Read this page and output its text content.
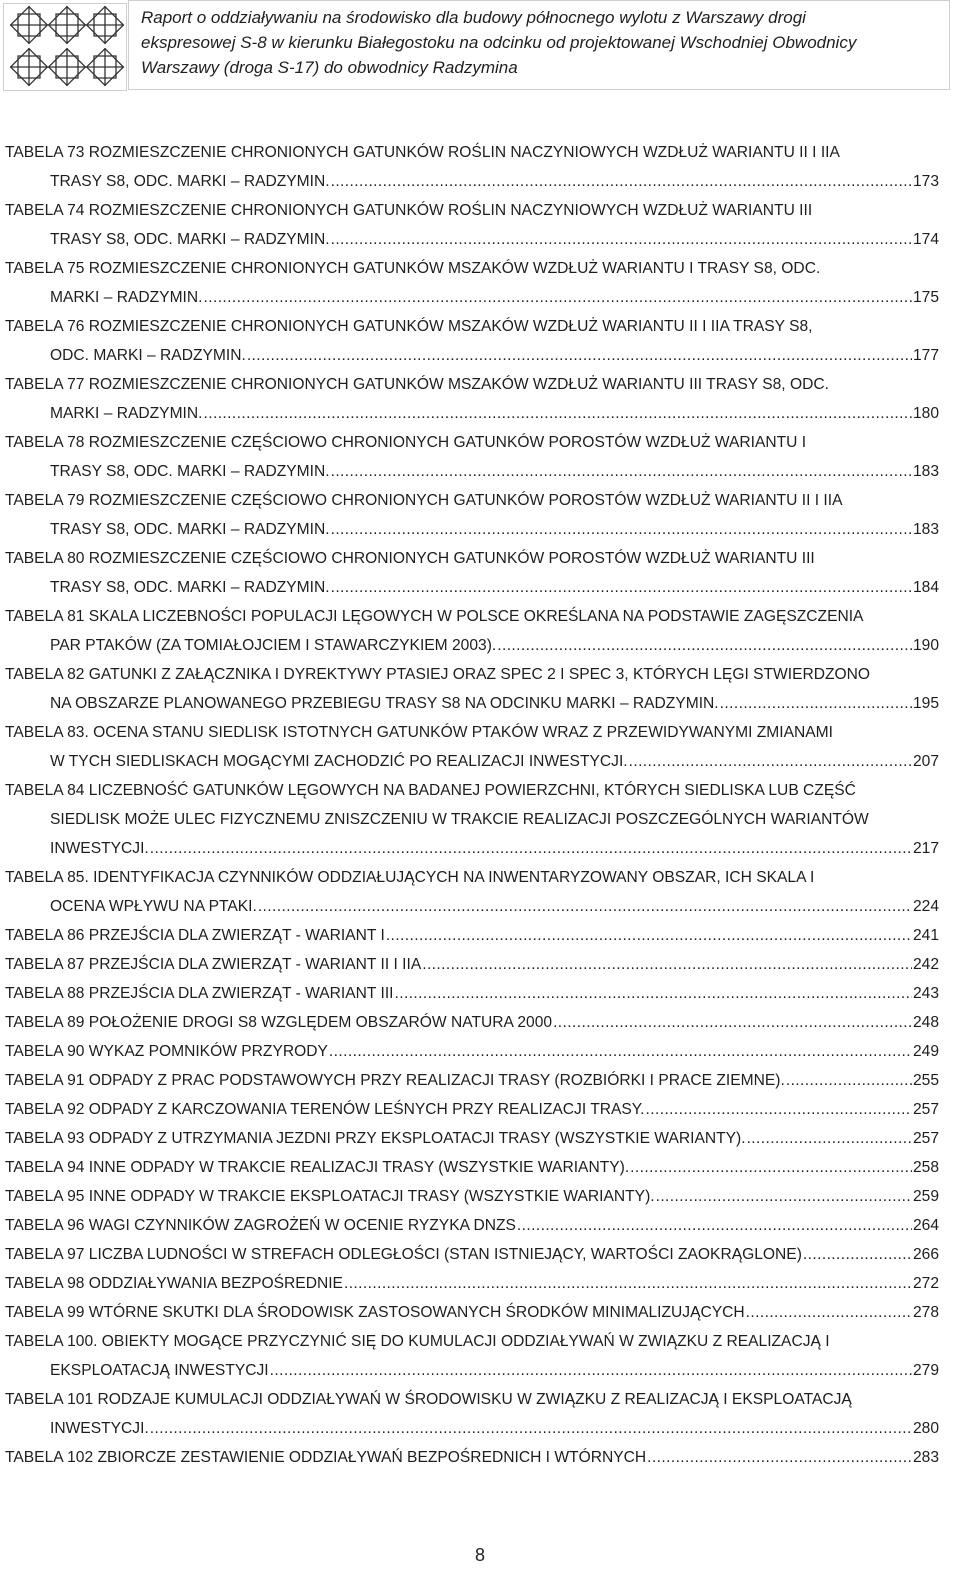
Raport o oddziaływaniu na środowisko dla budowy północnego wylotu z Warszawy drogi
ekspresowej S-8 w kierunku Białegostoku na odcinku od projektowanej Wschodniej Obwodnicy
Warszawy (droga S-17) do obwodnicy Radzymina
TABELA 73 ROZMIESZCZENIE CHRONIONYCH GATUNKÓW ROŚLIN NACZYNIOWYCH WZDŁUŻ WARIANTU II I IIA
TRASY S8, ODC. MARKI – RADZYMIN. .....	173
TABELA 74 ROZMIESZCZENIE CHRONIONYCH GATUNKÓW ROŚLIN NACZYNIOWYCH WZDŁUŻ WARIANTU III
TRASY S8, ODC. MARKI – RADZYMIN. .....	174
TABELA 75 ROZMIESZCZENIE CHRONIONYCH GATUNKÓW MSZAKÓW WZDŁUŻ WARIANTU I TRASY S8, ODC.
MARKI – RADZYMIN. .....	175
TABELA 76 ROZMIESZCZENIE CHRONIONYCH GATUNKÓW MSZAKÓW WZDŁUŻ WARIANTU II I IIA TRASY S8,
ODC. MARKI – RADZYMIN. .....	177
TABELA 77 ROZMIESZCZENIE CHRONIONYCH GATUNKÓW MSZAKÓW WZDŁUŻ WARIANTU III TRASY S8, ODC.
MARKI – RADZYMIN. .....	180
TABELA 78 ROZMIESZCZENIE CZĘŚCIOWO CHRONIONYCH GATUNKÓW POROSTÓW WZDŁUŻ WARIANTU I
TRASY S8, ODC. MARKI – RADZYMIN. .....	183
TABELA 79 ROZMIESZCZENIE CZĘŚCIOWO CHRONIONYCH GATUNKÓW POROSTÓW WZDŁUŻ WARIANTU II I IIA
TRASY S8, ODC. MARKI – RADZYMIN. .....	183
TABELA 80 ROZMIESZCZENIE CZĘŚCIOWO CHRONIONYCH GATUNKÓW POROSTÓW WZDŁUŻ WARIANTU III
TRASY S8, ODC. MARKI – RADZYMIN. .....	184
TABELA 81 SKALA LICZEBNOŚCI POPULACJI LĘGOWYCH W POLSCE OKREŚLANA NA PODSTAWIE ZAGĘSZCZENIA
PAR PTAKÓW (ZA TOMIAŁOJCIEM I STAWARCZYKIEM 2003). .....	190
TABELA 82 GATUNKI Z ZAŁĄCZNIKA I DYREKTYWY PTASIEJ ORAZ SPEC 2 I SPEC 3, KTÓRYCH LĘGI STWIERDZONO
NA OBSZARZE PLANOWANEGO PRZEBIEGU TRASY S8 NA ODCINKU MARKI – RADZYMIN. .....	195
TABELA 83. OCENA STANU SIEDLISK ISTOTNYCH GATUNKÓW PTAKÓW WRAZ Z PRZEWIDYWANYMI ZMIANAMI
W TYCH SIEDLISKACH MOGĄCYMI ZACHODZIĆ PO REALIZACJI INWESTYCJI. .....	207
TABELA 84 LICZEBNOŚĆ GATUNKÓW LĘGOWYCH NA BADANEJ POWIERZCHNI, KTÓRYCH SIEDLISKA LUB CZĘŚĆ
SIEDLISK MOŻE ULEC FIZYCZNEMU ZNISZCZENIU W TRAKCIE REALIZACJI POSZCZEGÓLNYCH WARIANTÓW
INWESTYCJI. .....	217
TABELA 85. IDENTYFIKACJA CZYNNIKÓW ODDZIAŁUJĄCYCH NA INWENTARYZOWANY OBSZAR, ICH SKALA I
OCENA WPŁYWU NA PTAKI. .....	224
TABELA 86 PRZEJŚCIA DLA ZWIERZĄT - WARIANT I .....	241
TABELA 87 PRZEJŚCIA DLA ZWIERZĄT - WARIANT II I IIA .....	242
TABELA 88 PRZEJŚCIA DLA ZWIERZĄT - WARIANT III .....	243
TABELA 89 POŁOŻENIE DROGI S8 WZGLĘDEM OBSZARÓW NATURA 2000 .....	248
TABELA 90 WYKAZ POMNIKÓW PRZYRODY .....	249
TABELA 91 ODPADY Z PRAC PODSTAWOWYCH PRZY REALIZACJI TRASY (ROZBIÓRKI I PRACE ZIEMNE). .....	255
TABELA 92 ODPADY Z KARCZOWANIA TERENÓW LEŚNYCH PRZY REALIZACJI TRASY. .....	257
TABELA 93 ODPADY Z UTRZYMANIA JEZDNI PRZY EKSPLOATACJI TRASY (WSZYSTKIE WARIANTY). .....	257
TABELA 94 INNE ODPADY W TRAKCIE REALIZACJI TRASY (WSZYSTKIE WARIANTY). .....	258
TABELA 95 INNE ODPADY W TRAKCIE EKSPLOATACJI TRASY (WSZYSTKIE WARIANTY). .....	259
TABELA 96 WAGI CZYNNIKÓW ZAGROŻEŃ W OCENIE RYZYKA DNZS .....	264
TABELA 97 LICZBA LUDNOŚCI W STREFACH ODLEGŁOŚCI (STAN ISTNIEJĄCY, WARTOŚCI ZAOKRĄGLONE) .....	266
TABELA 98 ODDZIAŁYWANIA BEZPOŚREDNIE .....	272
TABELA 99 WTÓRNE SKUTKI DLA ŚRODOWISK ZASTOSOWANYCH ŚRODKÓW MINIMALIZUJĄCYCH .....	278
TABELA 100. OBIEKTY MOGĄCE PRZYCZYNIĆ SIĘ DO KUMULACJI ODDZIAŁYWAŃ W ZWIĄZKU Z REALIZACJĄ I
EKSPLOATACJĄ INWESTYCJI .....	279
TABELA 101 RODZAJE KUMULACJI ODDZIAŁYWAŃ W ŚRODOWISKU W ZWIĄZKU Z REALIZACJĄ I EKSPLOATACJĄ
INWESTYCJI. .....	280
TABELA 102 ZBIORCZE ZESTAWIENIE ODDZIAŁYWAŃ BEZPOŚREDNICH I WTÓRNYCH .....	283
8
